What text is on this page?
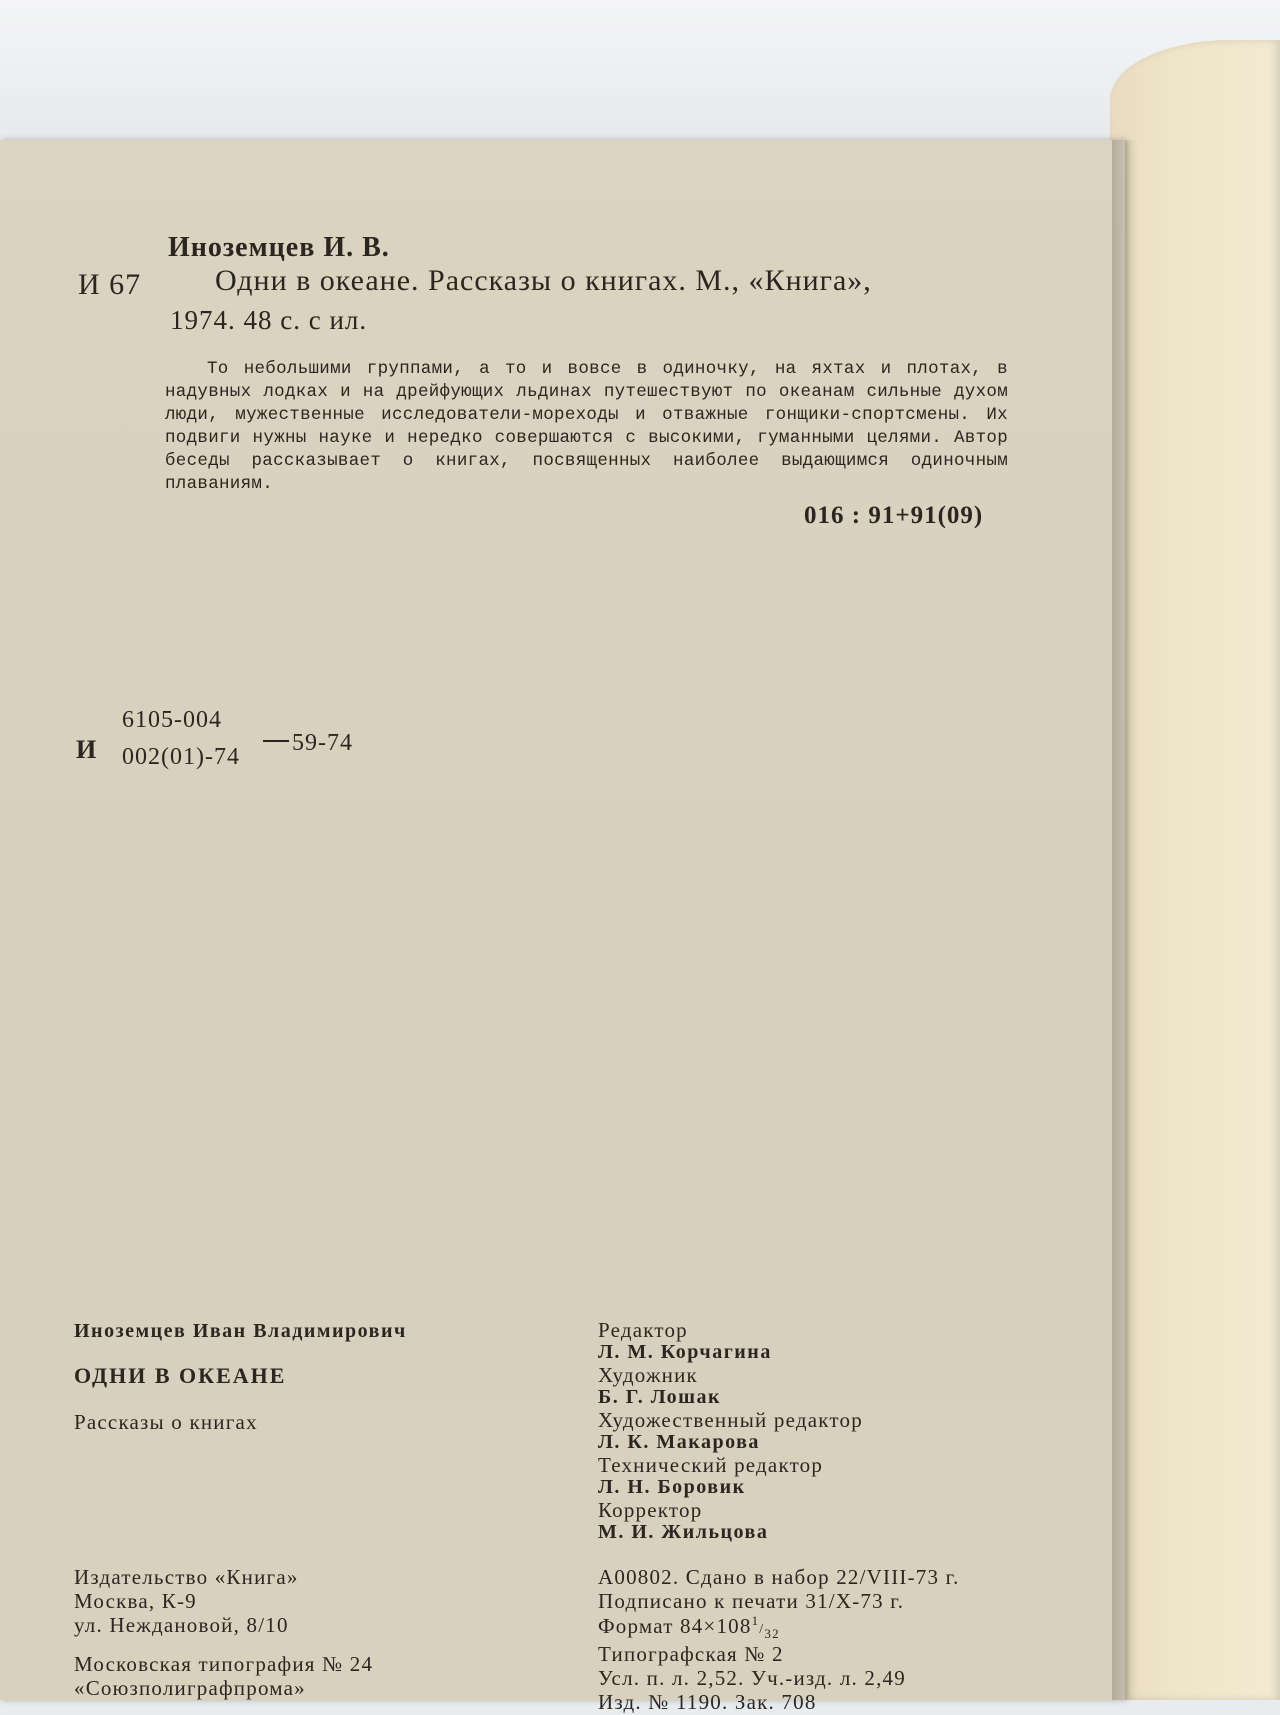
Иноземцев И. В.
И 67 Одни в океане. Рассказы о книгах. М., «Книга»,
1974. 48 с. с ил.
То небольшими группами, а то и вовсе в одиночку, на яхтах и плотах, в надувных лодках и на дрейфующих льдинах путешествуют по океанам сильные духом люди, мужественные исследователи-мореходы и отважные гонщики-спортсмены. Их подвиги нужны науке и нередко совершаются с высокими, гуманными целями. Автор беседы рассказывает о книгах, посвященных наиболее выдающимся одиночным плаваниям.
016 : 91+91(09)
И
6105-004
002(01)-74
59-74
Иноземцев Иван Владимирович
ОДНИ В ОКЕАНЕ
Рассказы о книгах
Издательство «Книга»
Москва, К-9
ул. Неждановой, 8/10
Московская типография № 24
«Союзполиграфпрома»
Редактор
Л. М. Корчагина
Художник
Б. Г. Лошак
Художественный редактор
Л. К. Макарова
Технический редактор
Л. Н. Боровик
Корректор
М. И. Жильцова
А00802. Сдано в набор 22/VIII-73 г.
Подписано к печати 31/X-73 г.
Формат $84\times 108^1/_{32}$
Типографская № 2
Усл. п. л. 2,52. Уч.-изд. л. 2,49
Изд. № 1190. Зак. 708
